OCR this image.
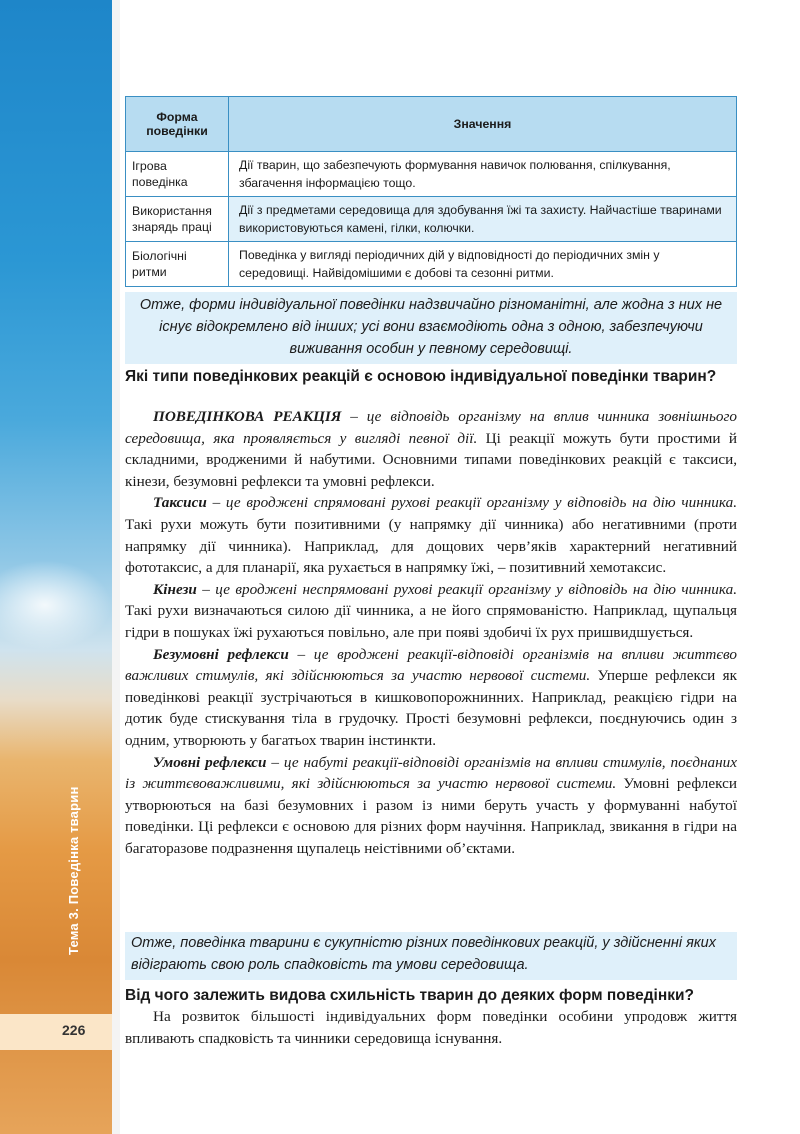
Тема 3. Поведінка тварин
226
Форма поведінки	Значення
Ігрова поведінка	Дії тварин, що забезпечують формування навичок полювання, спілкування, збагачення інформацією тощо.
Використання знарядь праці	Дії з предметами середовища для здобування їжі та захисту. Найчастіше тваринами використовуються камені, гілки, колючки.
Біологічні ритми	Поведінка у вигляді періодичних дій у відповідності до періодичних змін у середовищі. Найвідомішими є добові та сезонні ритми.
Отже, форми індивідуальної поведінки надзвичайно різноманітні, але жодна з них не існує відокремлено від інших; усі вони взаємодіють одна з одною, забезпечуючи виживання особин у певному середовищі.
Які типи поведінкових реакцій є основою індивідуальної поведінки тварин?

ПОВЕДІНКОВА РЕАКЦІЯ – це відповідь організму на вплив чинника зовнішнього середовища, яка проявляється у вигляді певної дії. Ці реакції можуть бути простими й складними, вродженими й набутими. Основними типами поведінкових реакцій є таксиси, кінези, безумовні рефлекси та умовні рефлекси.

Таксиси – це вроджені спрямовані рухові реакції організму у відповідь на дію чинника. Такі рухи можуть бути позитивними (у напрямку дії чинника) або негативними (проти напрямку дії чинника). Наприклад, для дощових черв’яків характерний негативний фототаксис, а для планарії, яка рухається в напрямку їжі, – позитивний хемотаксис.

Кінези – це вроджені неспрямовані рухові реакції організму у відповідь на дію чинника. Такі рухи визначаються силою дії чинника, а не його спрямованістю. Наприклад, щупальця гідри в пошуках їжі рухаються повільно, але при появі здобичі їх рух пришвидшується.

Безумовні рефлекси – це вроджені реакції-відповіді організмів на впливи життєво важливих стимулів, які здійснюються за участю нервової системи. Уперше рефлекси як поведінкові реакції зустрічаються в кишковопорожнинних. Наприклад, реакцією гідри на дотик буде стискування тіла в грудочку. Прості безумовні рефлекси, поєднуючись один з одним, утворюють у багатьох тварин інстинкти.

Умовні рефлекси – це набуті реакції-відповіді організмів на впливи стимулів, поєднаних із життєвоважливими, які здійснюються за участю нервової системи. Умовні рефлекси утворюються на базі безумовних і разом із ними беруть участь у формуванні набутої поведінки. Ці рефлекси є основою для різних форм научіння. Наприклад, звикання в гідри на багаторазове подразнення щупалець неістівними об’єктами.

Отже, поведінка тварини є сукупністю різних поведінкових реакцій, у здійсненні яких відіграють свою роль спадковість та умови середовища.
Від чого залежить видова схильність тварин до деяких форм поведінки?

На розвиток більшості індивідуальних форм поведінки особини упродовж життя впливають спадковість та чинники середовища існування.
